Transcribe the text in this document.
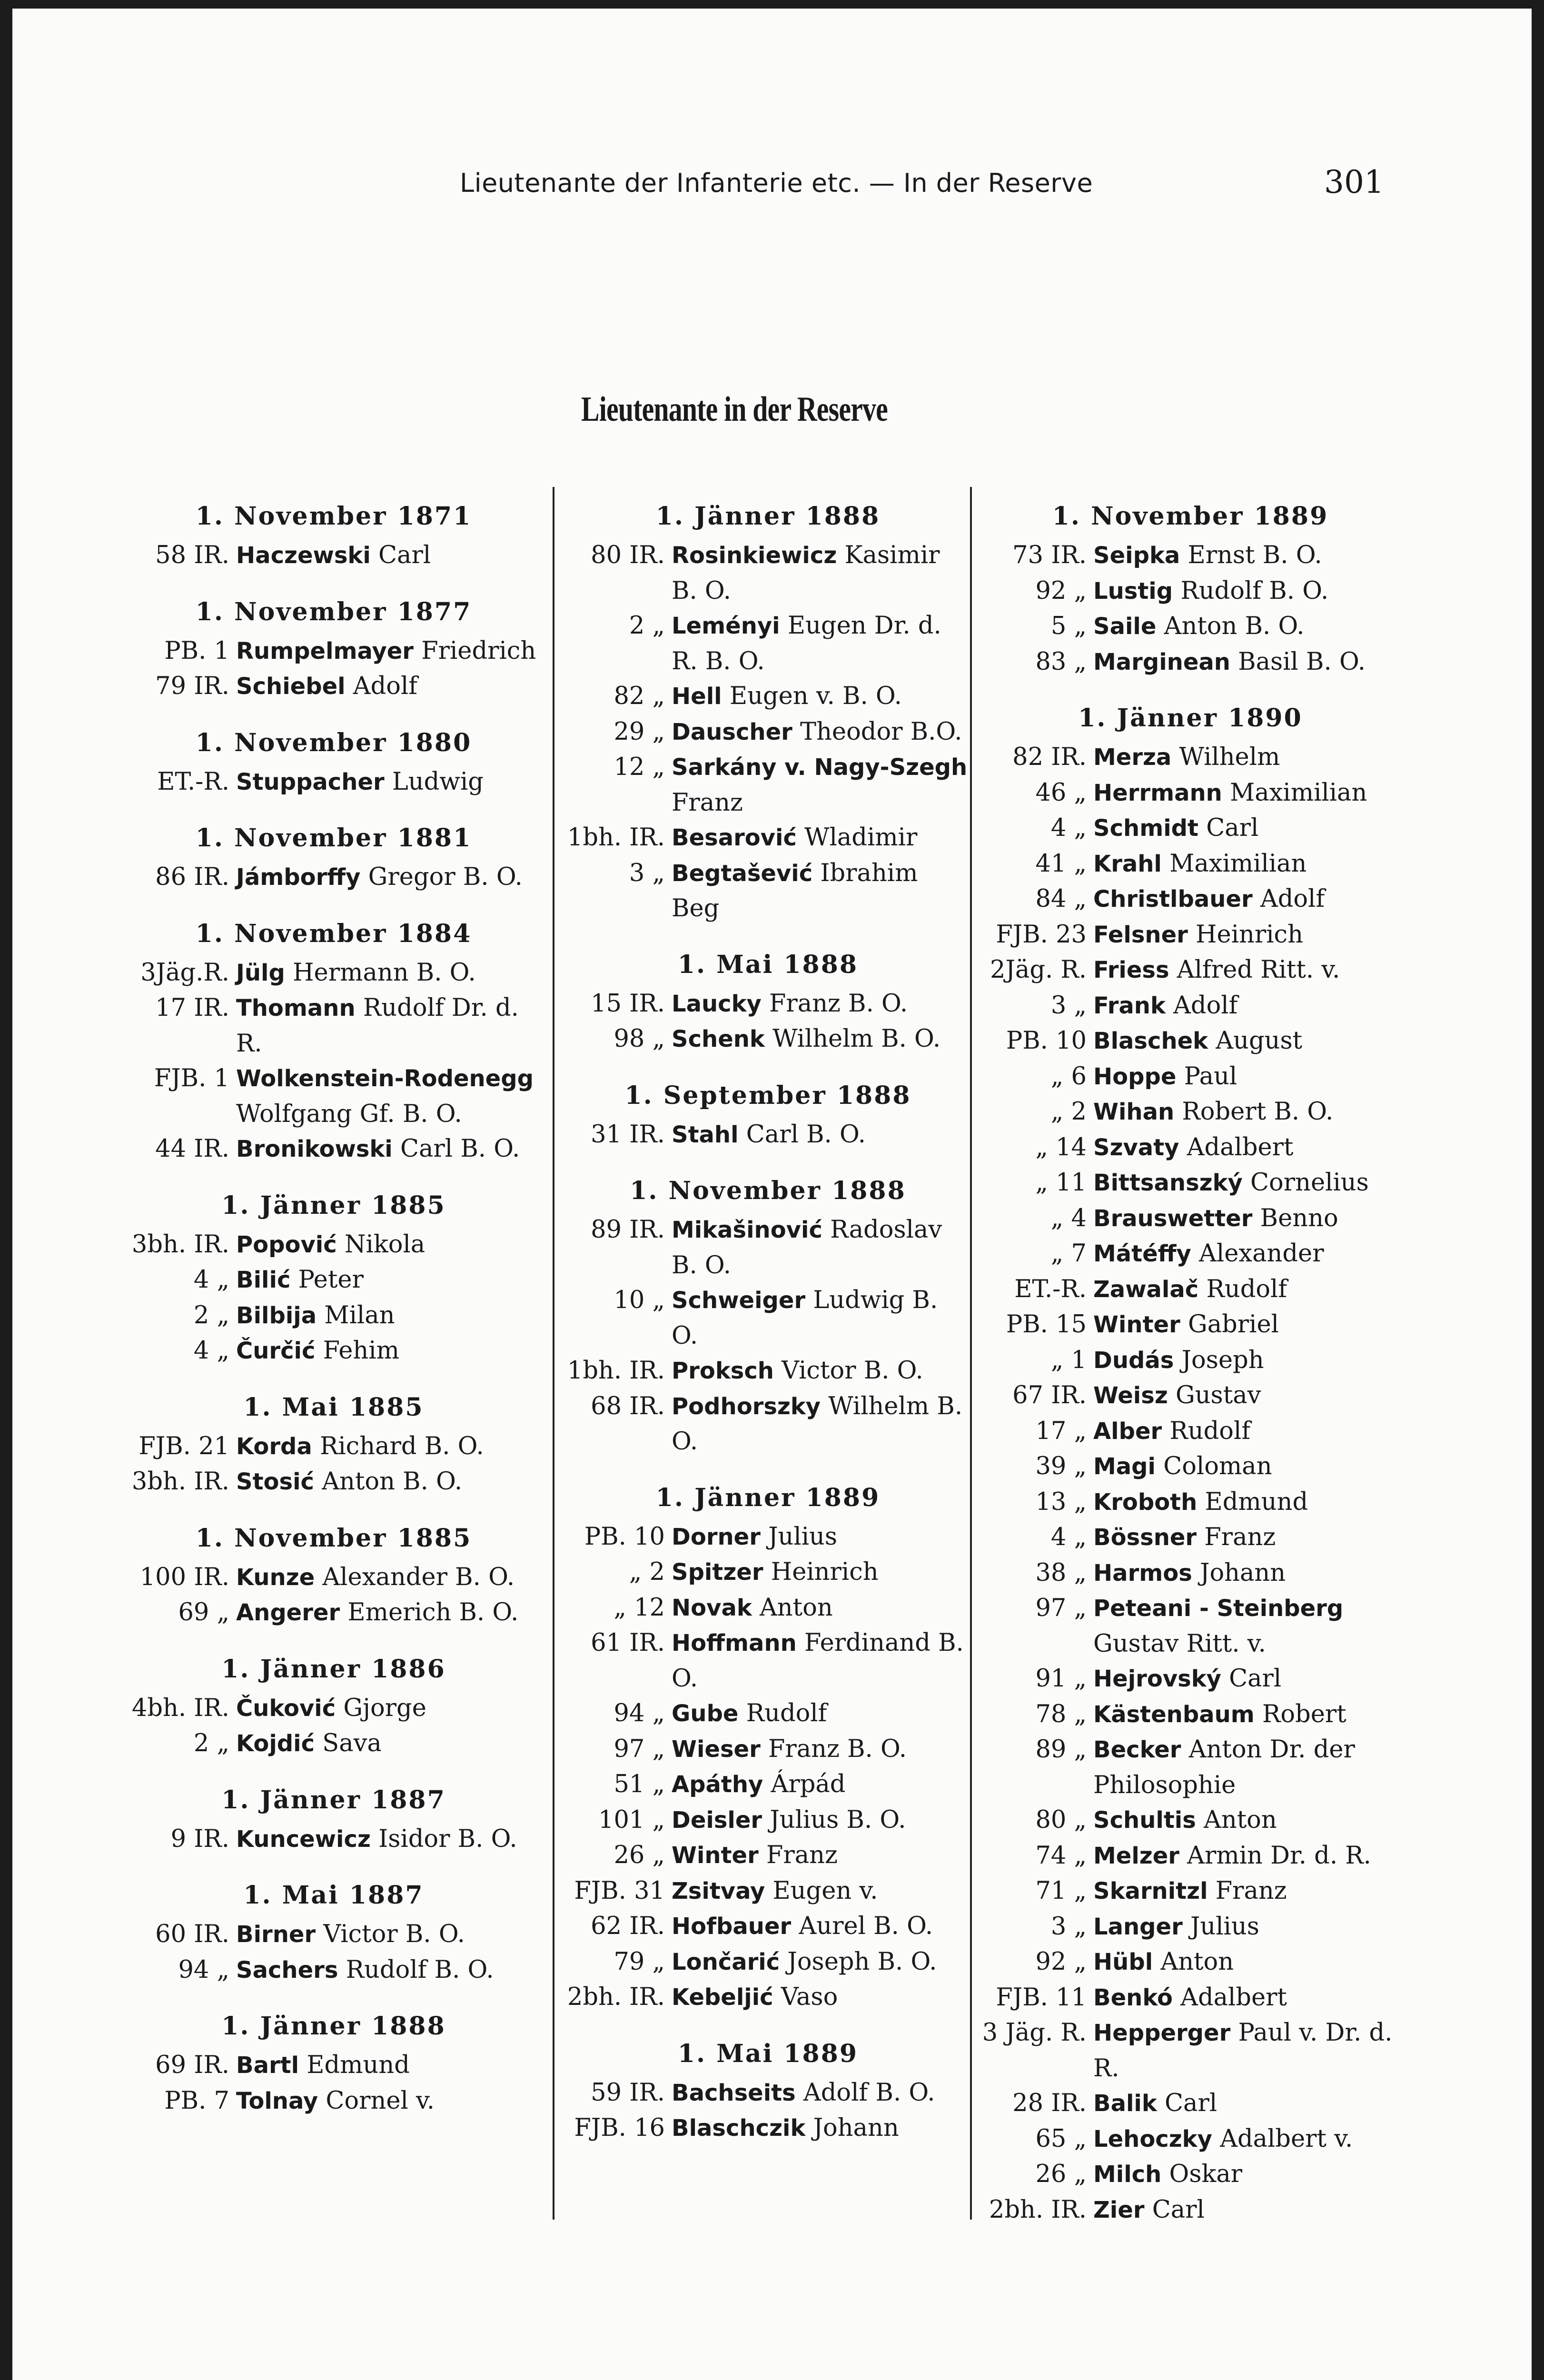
Lieutenante der Infanterie etc. — In der Reserve	301
Lieutenante in der Reserve
1. November 1871
58 IR. Haczewski Carl
1. November 1877
PB. 1 Rumpelmayer Friedrich
79 IR. Schiebel Adolf
1. November 1880
ET.-R. Stuppacher Ludwig
1. November 1881
86 IR. Jámborffy Gregor B. O.
1. November 1884
3Jäg.R. Jülg Hermann B. O.
17 IR. Thomann Rudolf Dr. d. R.
FJB. 1 Wolkenstein-Rodenegg Wolfgang Gf. B. O.
44 IR. Bronikowski Carl B. O.
1. Jänner 1885
3bh. IR. Popović Nikola
4 „ Bilić Peter
2 „ Bilbija Milan
4 „ Čurčić Fehim
1. Mai 1885
FJB. 21 Korda Richard B. O.
3bh. IR. Stosić Anton B. O.
1. November 1885
100 IR. Kunze Alexander B. O.
69 „ Angerer Emerich B. O.
1. Jänner 1886
4bh. IR. Čuković Gjorge
2 „ Kojdić Sava
1. Jänner 1887
9 IR. Kuncewicz Isidor B. O.
1. Mai 1887
60 IR. Birner Victor B. O.
94 „ Sachers Rudolf B. O.
1. Jänner 1888
69 IR. Bartl Edmund
PB. 7 Tolnay Cornel v.
1. Jänner 1888
80 IR. Rosinkiewicz Kasimir B. O.
2 „ Leményi Eugen Dr. d. R. B. O.
82 „ Hell Eugen v. B. O.
29 „ Dauscher Theodor B.O.
12 „ Sarkány v. Nagy-Szegh Franz
1bh. IR. Besarović Wladimir
3 „ Begtašević Ibrahim Beg
1. Mai 1888
15 IR. Laucky Franz B. O.
98 „ Schenk Wilhelm B. O.
1. September 1888
31 IR. Stahl Carl B. O.
1. November 1888
89 IR. Mikašinović Radoslav B. O.
10 „ Schweiger Ludwig B. O.
1bh. IR. Proksch Victor B. O.
68 IR. Podhorszky Wilhelm B. O.
1. Jänner 1889
PB. 10 Dorner Julius
„ 2 Spitzer Heinrich
„ 12 Novak Anton
61 IR. Hoffmann Ferdinand B. O.
94 „ Gube Rudolf
97 „ Wieser Franz B. O.
51 „ Apáthy Árpád
101 „ Deisler Julius B. O.
26 „ Winter Franz
FJB. 31 Zsitvay Eugen v.
62 IR. Hofbauer Aurel B. O.
79 „ Lončarić Joseph B. O.
2bh. IR. Kebeljić Vaso
1. Mai 1889
59 IR. Bachseits Adolf B. O.
FJB. 16 Blaschczik Johann
1. November 1889
73 IR. Seipka Ernst B. O.
92 „ Lustig Rudolf B. O.
5 „ Saile Anton B. O.
83 „ Marginean Basil B. O.
1. Jänner 1890
82 IR. Merza Wilhelm
46 „ Herrmann Maximilian
4 „ Schmidt Carl
41 „ Krahl Maximilian
84 „ Christlbauer Adolf
FJB. 23 Felsner Heinrich
2Jäg. R. Friess Alfred Ritt. v.
3 „ Frank Adolf
PB. 10 Blaschek August
„ 6 Hoppe Paul
„ 2 Wihan Robert B. O.
„ 14 Szvaty Adalbert
„ 11 Bittsanszký Cornelius
„ 4 Brauswetter Benno
„ 7 Mátéffy Alexander
ET.-R. Zawalač Rudolf
PB. 15 Winter Gabriel
„ 1 Dudás Joseph
67 IR. Weisz Gustav
17 „ Alber Rudolf
39 „ Magi Coloman
13 „ Kroboth Edmund
4 „ Bössner Franz
38 „ Harmos Johann
97 „ Peteani - Steinberg Gustav Ritt. v.
91 „ Hejrovský Carl
78 „ Kästenbaum Robert
89 „ Becker Anton Dr. der Philosophie
80 „ Schultis Anton
74 „ Melzer Armin Dr. d. R.
71 „ Skarnitzl Franz
3 „ Langer Julius
92 „ Hübl Anton
FJB. 11 Benkó Adalbert
3 Jäg. R. Hepperger Paul v. Dr. d. R.
28 IR. Balik Carl
65 „ Lehoczky Adalbert v.
26 „ Milch Oskar
2bh. IR. Zier Carl
